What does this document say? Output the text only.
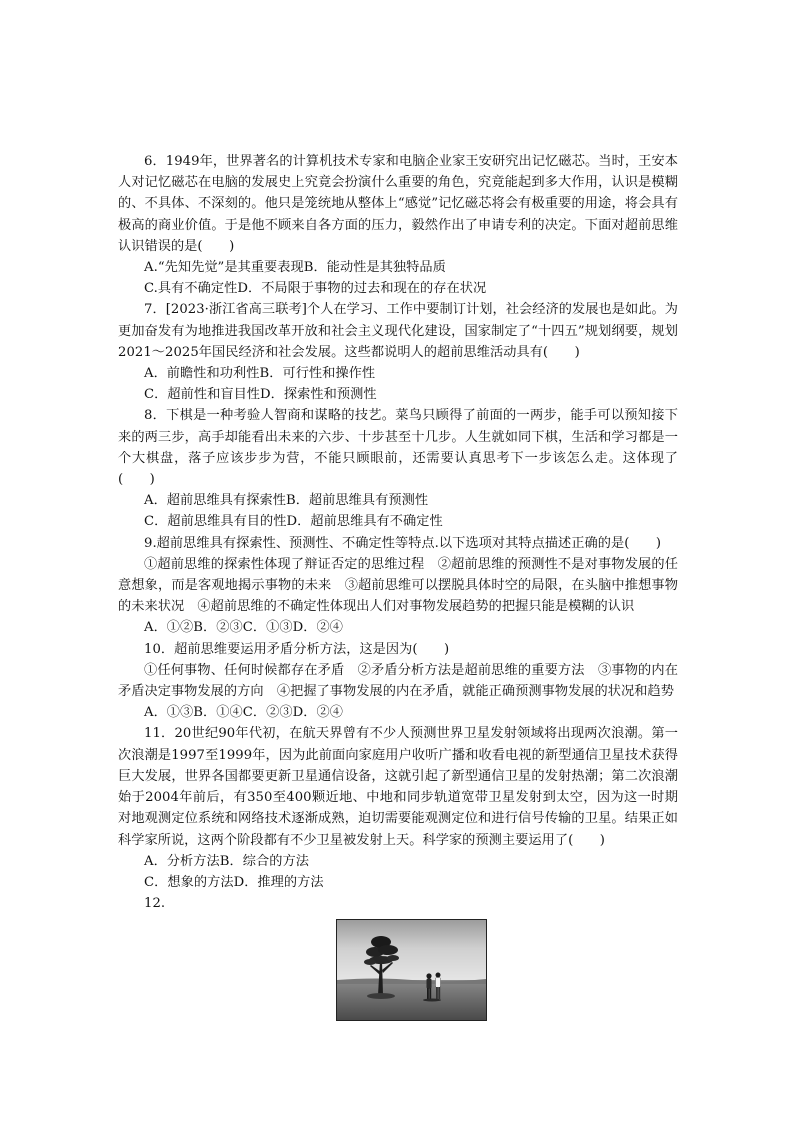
6．1949年，世界著名的计算机技术专家和电脑企业家王安研究出记忆磁芯。当时，王安本人对记忆磁芯在电脑的发展史上究竟会扮演什么重要的角色，究竟能起到多大作用，认识是模糊的、不具体、不深刻的。他只是笼统地从整体上“感觉”记忆磁芯将会有极重要的用途，将会具有极高的商业价值。于是他不顾来自各方面的压力，毅然作出了申请专利的决定。下面对超前思维认识错误的是(　　)

A.“先知先觉”是其重要表现B．能动性是其独特品质

C.具有不确定性D．不局限于事物的过去和现在的存在状况

7．[2023·浙江省高三联考]个人在学习、工作中要制订计划，社会经济的发展也是如此。为更加奋发有为地推进我国改革开放和社会主义现代化建设，国家制定了“十四五”规划纲要，规划2021～2025年国民经济和社会发展。这些都说明人的超前思维活动具有(　　)

A．前瞻性和功利性B．可行性和操作性

C．超前性和盲目性D．探索性和预测性

8．下棋是一种考验人智商和谋略的技艺。菜鸟只顾得了前面的一两步，能手可以预知接下来的两三步，高手却能看出未来的六步、十步甚至十几步。人生就如同下棋，生活和学习都是一个大棋盘，落子应该步步为营，不能只顾眼前，还需要认真思考下一步该怎么走。这体现了(　　)

A．超前思维具有探索性B．超前思维具有预测性

C．超前思维具有目的性D．超前思维具有不确定性

9.超前思维具有探索性、预测性、不确定性等特点.以下选项对其特点描述正确的是(　　)

①超前思维的探索性体现了辩证否定的思维过程　②超前思维的预测性不是对事物发展的任意想象，而是客观地揭示事物的未来　③超前思维可以摆脱具体时空的局限，在头脑中推想事物的未来状况　④超前思维的不确定性体现出人们对事物发展趋势的把握只能是模糊的认识

A．①②B．②③C．①③D．②④

10．超前思维要运用矛盾分析方法，这是因为(　　)

①任何事物、任何时候都存在矛盾　②矛盾分析方法是超前思维的重要方法　③事物的内在矛盾决定事物发展的方向　④把握了事物发展的内在矛盾，就能正确预测事物发展的状况和趋势

A．①③B．①④C．②③D．②④

11．20世纪90年代初，在航天界曾有不少人预测世界卫星发射领域将出现两次浪潮。第一次浪潮是1997至1999年，因为此前面向家庭用户收听广播和收看电视的新型通信卫星技术获得巨大发展，世界各国都要更新卫星通信设备，这就引起了新型通信卫星的发射热潮；第二次浪潮始于2004年前后，有350至400颗近地、中地和同步轨道宽带卫星发射到太空，因为这一时期对地观测定位系统和网络技术逐渐成熟，迫切需要能观测定位和进行信号传输的卫星。结果正如科学家所说，这两个阶段都有不少卫星被发射上天。科学家的预测主要运用了(　　)

A．分析方法B．综合的方法

C．想象的方法D．推理的方法

12.
